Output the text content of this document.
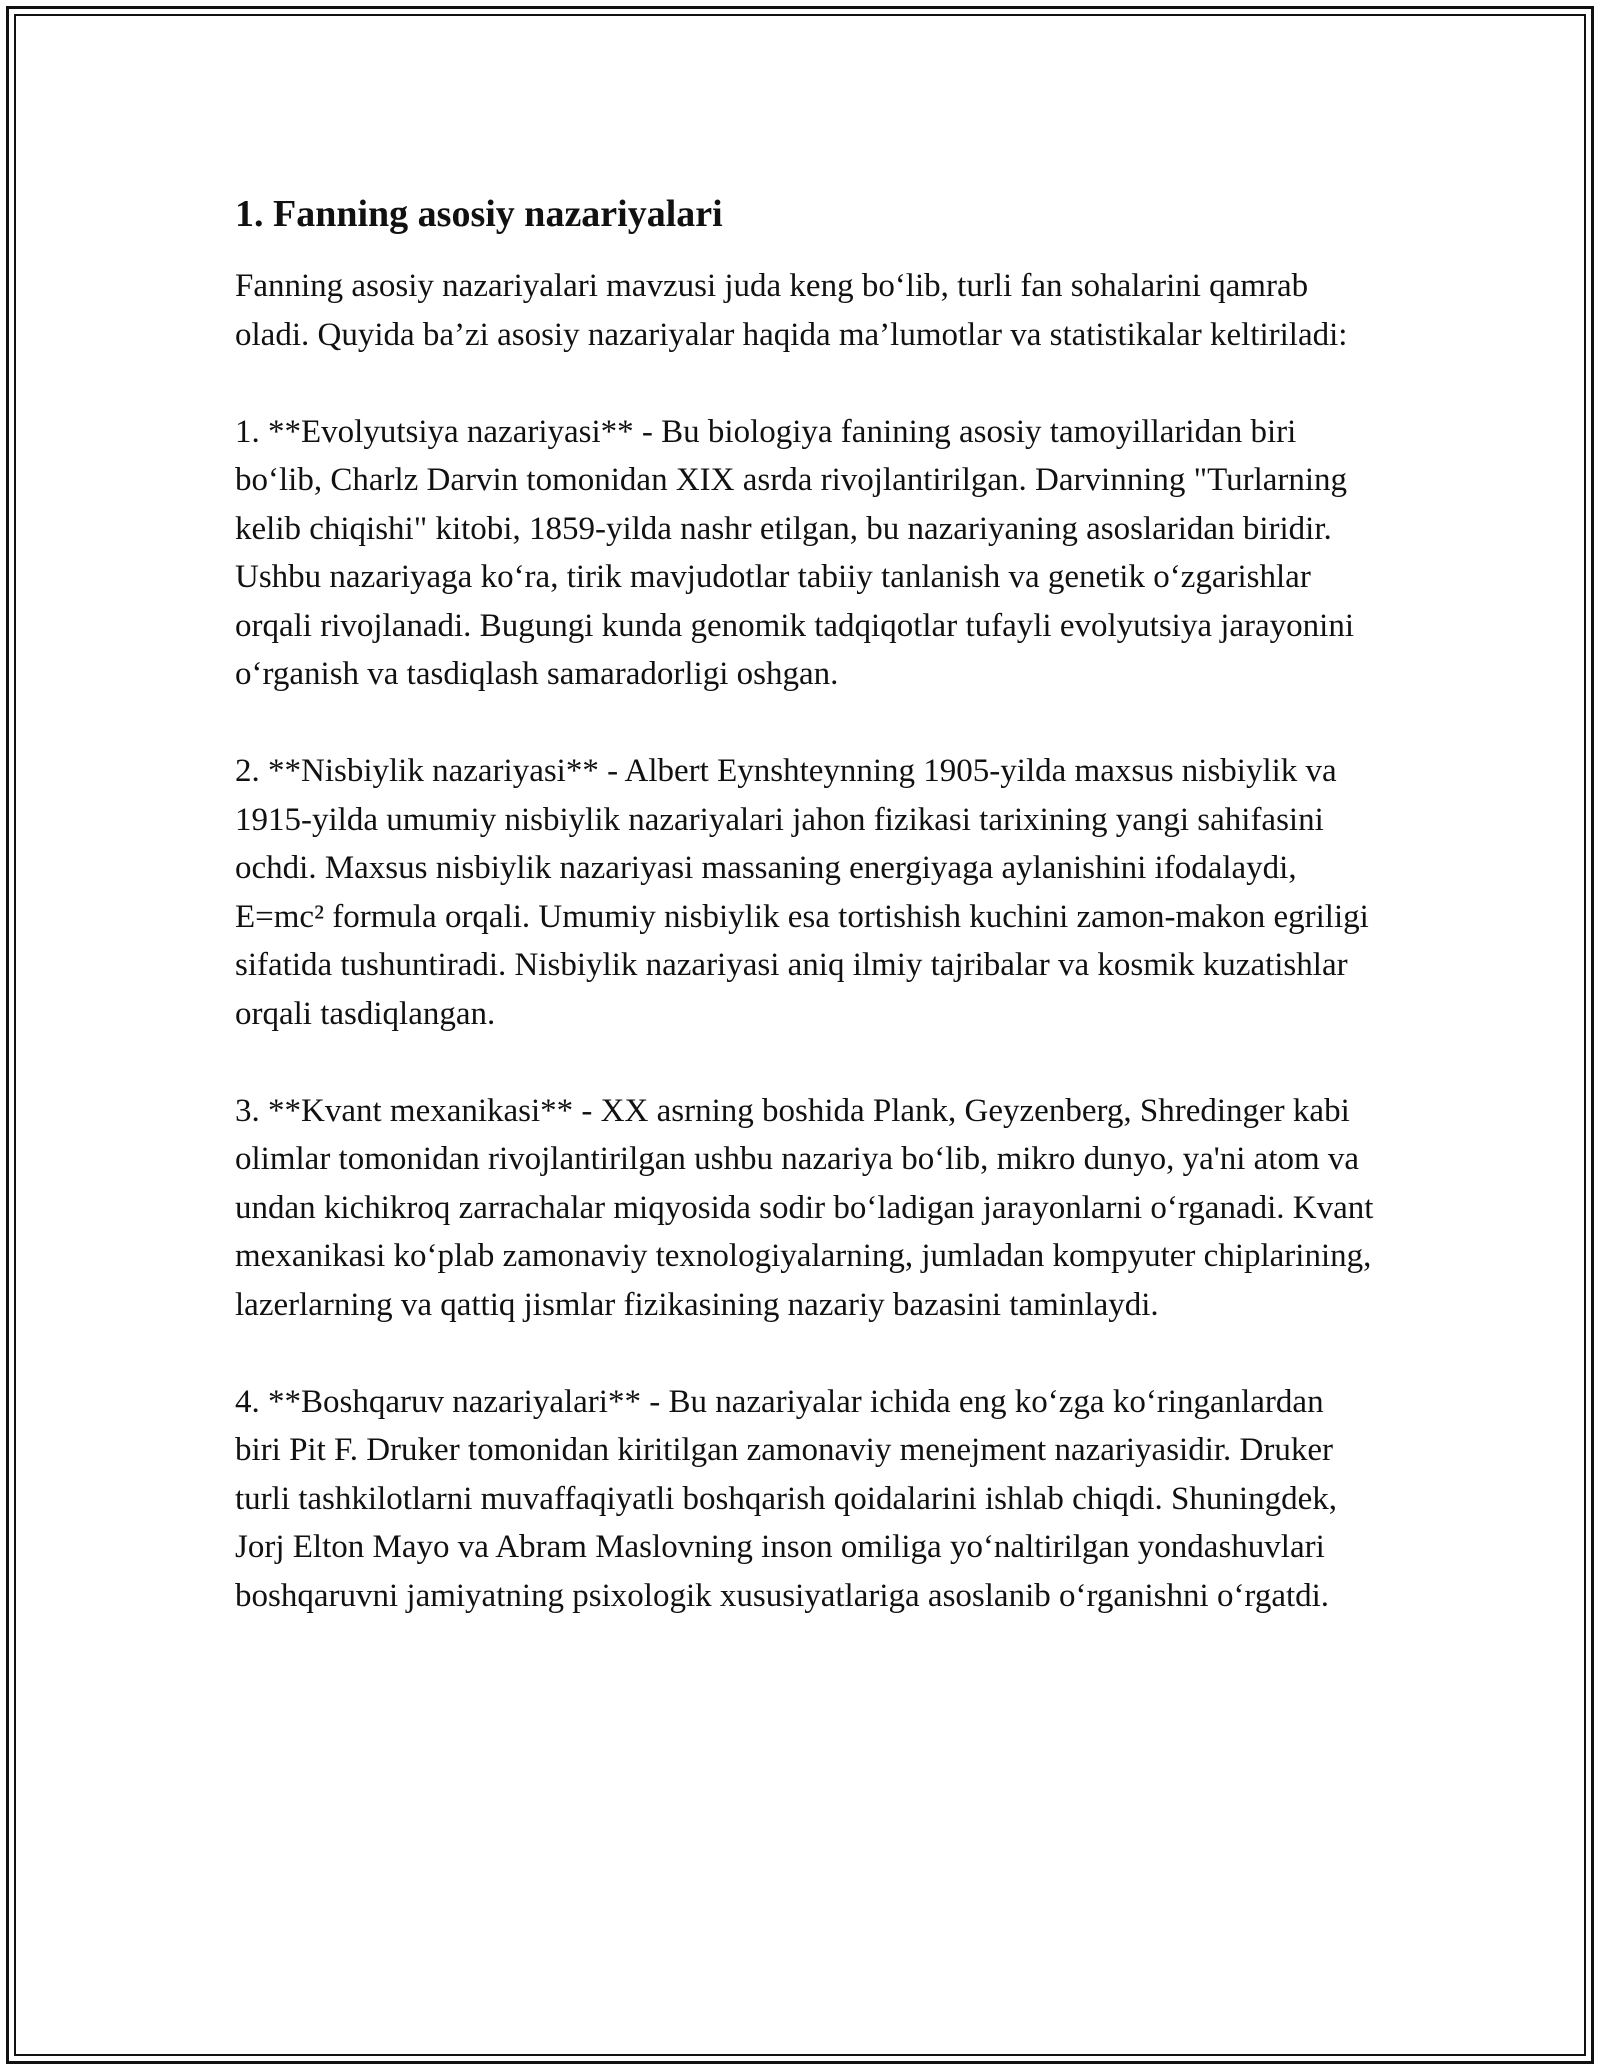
1. Fanning asosiy nazariyalari

Fanning asosiy nazariyalari mavzusi juda keng bo‘lib, turli fan sohalarini qamrab oladi. Quyida ba’zi asosiy nazariyalar haqida ma’lumotlar va statistikalar keltiriladi:

1. **Evolyutsiya nazariyasi** - Bu biologiya fanining asosiy tamoyillaridan biri bo‘lib, Charlz Darvin tomonidan XIX asrda rivojlantirilgan. Darvinning "Turlarning kelib chiqishi" kitobi, 1859-yilda nashr etilgan, bu nazariyaning asoslaridan biridir. Ushbu nazariyaga ko‘ra, tirik mavjudotlar tabiiy tanlanish va genetik o‘zgarishlar orqali rivojlanadi. Bugungi kunda genomik tadqiqotlar tufayli evolyutsiya jarayonini o‘rganish va tasdiqlash samaradorligi oshgan.

2. **Nisbiylik nazariyasi** - Albert Eynshteynning 1905-yilda maxsus nisbiylik va 1915-yilda umumiy nisbiylik nazariyalari jahon fizikasi tarixining yangi sahifasini ochdi. Maxsus nisbiylik nazariyasi massaning energiyaga aylanishini ifodalaydi, E=mc² formula orqali. Umumiy nisbiylik esa tortishish kuchini zamon-makon egriligi sifatida tushuntiradi. Nisbiylik nazariyasi aniq ilmiy tajribalar va kosmik kuzatishlar orqali tasdiqlangan.

3. **Kvant mexanikasi** - XX asrning boshida Plank, Geyzenberg, Shredinger kabi olimlar tomonidan rivojlantirilgan ushbu nazariya bo‘lib, mikro dunyo, ya'ni atom va undan kichikroq zarrachalar miqyosida sodir bo‘ladigan jarayonlarni o‘rganadi. Kvant mexanikasi ko‘plab zamonaviy texnologiyalarning, jumladan kompyuter chiplarining, lazerlarning va qattiq jismlar fizikasining nazariy bazasini taminlaydi.

4. **Boshqaruv nazariyalari** - Bu nazariyalar ichida eng ko‘zga ko‘ringanlardan biri Pit F. Druker tomonidan kiritilgan zamonaviy menejment nazariyasidir. Druker turli tashkilotlarni muvaffaqiyatli boshqarish qoidalarini ishlab chiqdi. Shuningdek, Jorj Elton Mayo va Abram Maslovning inson omiliga yo‘naltirilgan yondashuvlari boshqaruvni jamiyatning psixologik xususiyatlariga asoslanib o‘rganishni o‘rgatdi.
